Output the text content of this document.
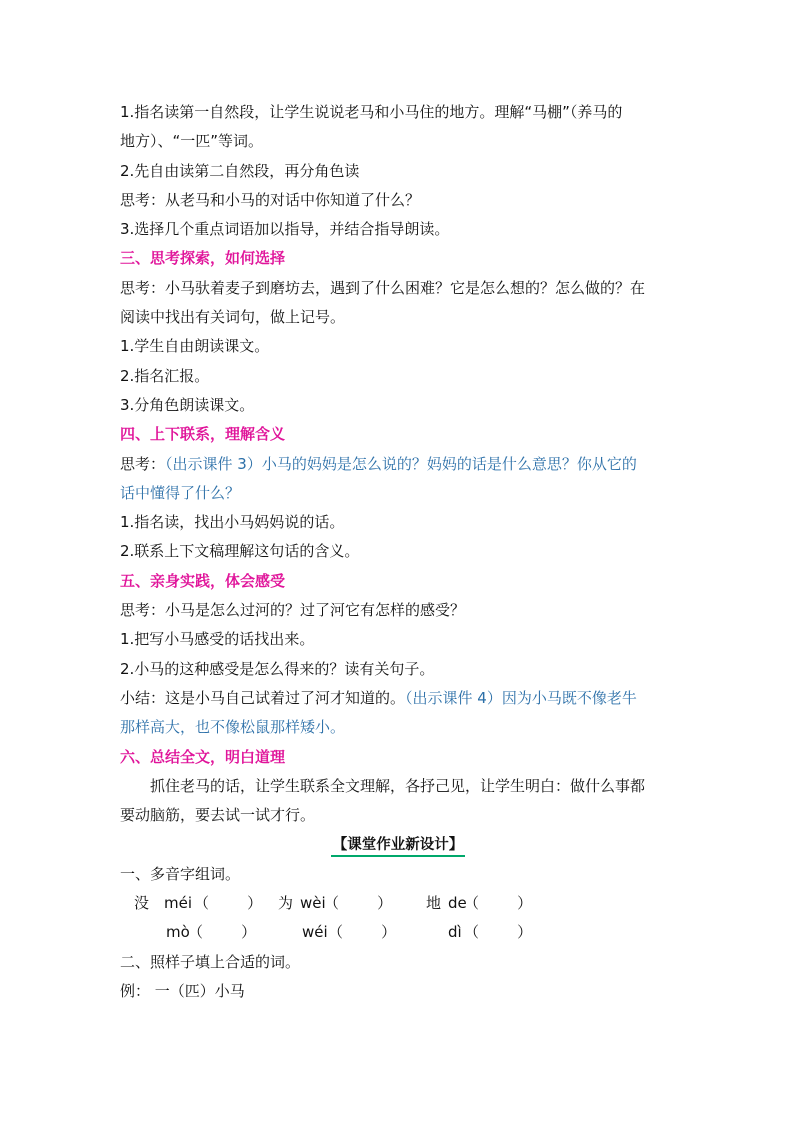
1.指名读第一自然段，让学生说说老马和小马住的地方。理解“马棚”（养马的
地方）、“一匹”等词。
2.先自由读第二自然段，再分角色读
思考：从老马和小马的对话中你知道了什么？
3.选择几个重点词语加以指导，并结合指导朗读。
三、思考探索，如何选择
思考：小马驮着麦子到磨坊去，遇到了什么困难？它是怎么想的？怎么做的？在
阅读中找出有关词句，做上记号。
1.学生自由朗读课文。
2.指名汇报。
3.分角色朗读课文。
四、上下联系，理解含义
思考：（出示课件 3）小马的妈妈是怎么说的？妈妈的话是什么意思？你从它的
话中懂得了什么？
1.指名读，找出小马妈妈说的话。
2.联系上下文稿理解这句话的含义。
五、亲身实践，体会感受
思考：小马是怎么过河的？过了河它有怎样的感受？
1.把写小马感受的话找出来。
2.小马的这种感受是怎么得来的？读有关句子。
小结：这是小马自己试着过了河才知道的。（出示课件 4）因为小马既不像老牛
那样高大，也不像松鼠那样矮小。
六、总结全文，明白道理
抓住老马的话，让学生联系全文理解，各抒己见，让学生明白：做什么事都
要动脑筋，要去试一试才行。
【课堂作业新设计】
一、多音字组词。
没 méi （        ） 为 wèi
（        ） 地 de
（        ）
mò
（        ）	wéi （        ）	dì （        ）
二、照样子填上合适的词。
例： 一（匹）小马
